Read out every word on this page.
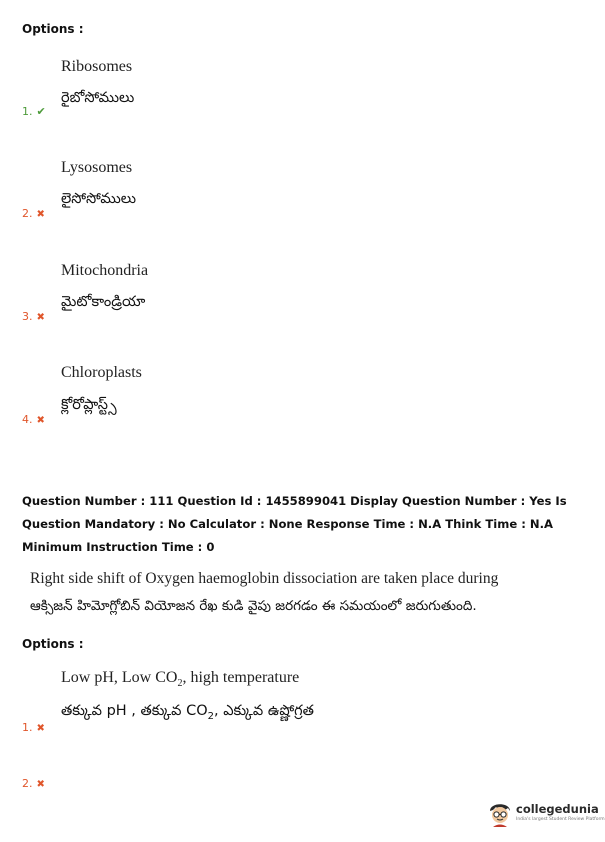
Options :
Ribosomes
రైబోసోములు
1. ✔
Lysosomes
లైసోసోములు
2. ✖
Mitochondria
మైటోకాండ్రియా
3. ✖
Chloroplasts
క్లోరోప్లాస్ట్స్
4. ✖
Question Number : 111 Question Id : 1455899041 Display Question Number : Yes Is Question Mandatory : No Calculator : None Response Time : N.A Think Time : N.A Minimum Instruction Time : 0
Right side shift of Oxygen haemoglobin dissociation are taken place during
ఆక్సిజన్ హిమోగ్లోబిన్ వియోజన రేఖ కుడి వైపు జరగడం ఈ సమయంలో జరుగుతుంది.
Options :
Low pH, Low $CO_2$, high temperature
తక్కువ pH , తక్కువ $CO_2$, ఎక్కువ ఉష్ణోగ్రత
1. ✖
2. ✖
collegedunia
India's largest Student Review Platform
